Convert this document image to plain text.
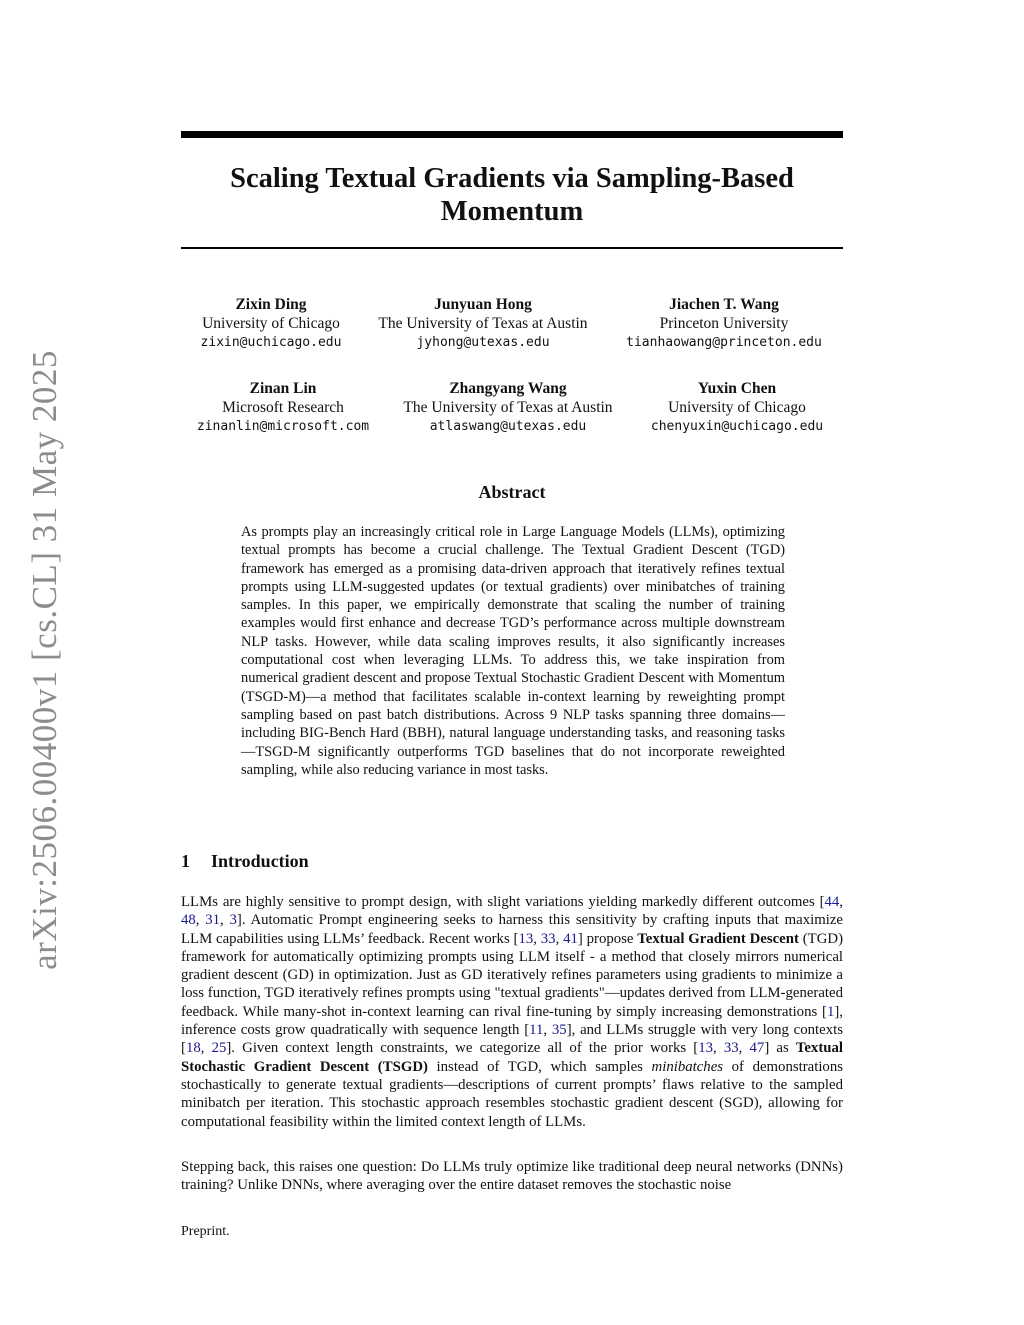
arXiv:2506.00400v1 [cs.CL] 31 May 2025
Scaling Textual Gradients via Sampling-Based Momentum
Zixin Ding
University of Chicago
zixin@uchicago.edu
Junyuan Hong
The University of Texas at Austin
jyhong@utexas.edu
Jiachen T. Wang
Princeton University
tianhaowang@princeton.edu
Zinan Lin
Microsoft Research
zinanlin@microsoft.com
Zhangyang Wang
The University of Texas at Austin
atlaswang@utexas.edu
Yuxin Chen
University of Chicago
chenyuxin@uchicago.edu
Abstract
As prompts play an increasingly critical role in Large Language Models (LLMs), optimizing textual prompts has become a crucial challenge. The Textual Gradient Descent (TGD) framework has emerged as a promising data-driven approach that iteratively refines textual prompts using LLM-suggested updates (or textual gradients) over minibatches of training samples. In this paper, we empirically demonstrate that scaling the number of training examples would first enhance and decrease TGD’s performance across multiple downstream NLP tasks. However, while data scaling improves results, it also significantly increases computational cost when leveraging LLMs. To address this, we take inspiration from numerical gradient descent and propose Textual Stochastic Gradient Descent with Momentum (TSGD-M)—a method that facilitates scalable in-context learning by reweighting prompt sampling based on past batch distributions. Across 9 NLP tasks spanning three domains—including BIG-Bench Hard (BBH), natural language understanding tasks, and reasoning tasks—TSGD-M significantly outperforms TGD baselines that do not incorporate reweighted sampling, while also reducing variance in most tasks.
1 Introduction
LLMs are highly sensitive to prompt design, with slight variations yielding markedly different outcomes [44, 48, 31, 3]. Automatic Prompt engineering seeks to harness this sensitivity by crafting inputs that maximize LLM capabilities using LLMs’ feedback. Recent works [13, 33, 41] propose Textual Gradient Descent (TGD) framework for automatically optimizing prompts using LLM itself - a method that closely mirrors numerical gradient descent (GD) in optimization. Just as GD iteratively refines parameters using gradients to minimize a loss function, TGD iteratively refines prompts using "textual gradients"—updates derived from LLM-generated feedback. While many-shot in-context learning can rival fine-tuning by simply increasing demonstrations [1], inference costs grow quadratically with sequence length [11, 35], and LLMs struggle with very long contexts [18, 25]. Given context length constraints, we categorize all of the prior works [13, 33, 47] as Textual Stochastic Gradient Descent (TSGD) instead of TGD, which samples minibatches of demonstrations stochastically to generate textual gradients—descriptions of current prompts’ flaws relative to the sampled minibatch per iteration. This stochastic approach resembles stochastic gradient descent (SGD), allowing for computational feasibility within the limited context length of LLMs.
Stepping back, this raises one question: Do LLMs truly optimize like traditional deep neural networks (DNNs) training? Unlike DNNs, where averaging over the entire dataset removes the stochastic noise
Preprint.
